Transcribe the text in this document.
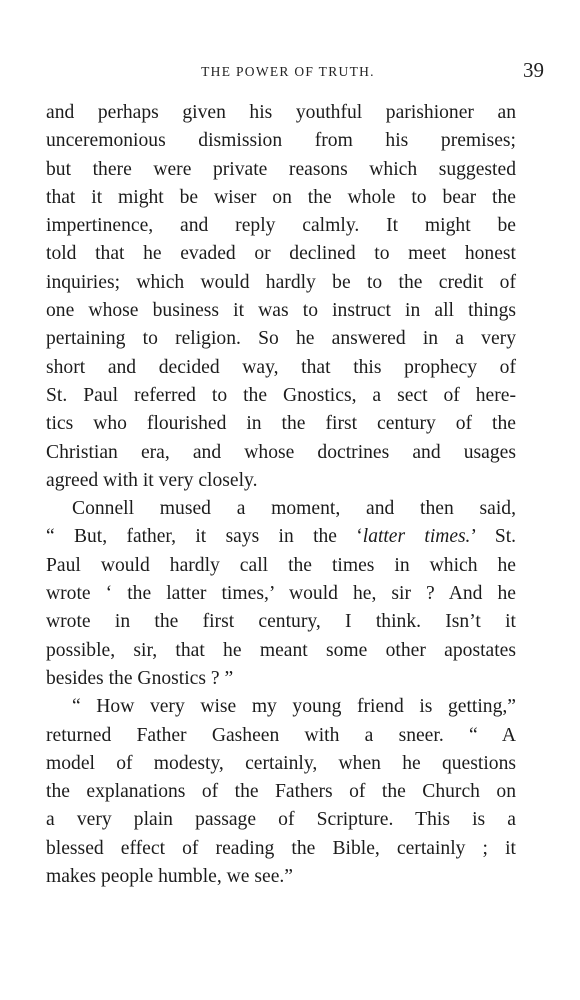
THE POWER OF TRUTH.	39
and perhaps given his youthful parishioner an
unceremonious dismission from his premises;
but there were private reasons which suggested
that it might be wiser on the whole to bear the
impertinence, and reply calmly. It might be
told that he evaded or declined to meet honest
inquiries; which would hardly be to the credit of
one whose business it was to instruct in all things
pertaining to religion. So he answered in a very
short and decided way, that this prophecy of
St. Paul referred to the Gnostics, a sect of here-
tics who flourished in the first century of the
Christian era, and whose doctrines and usages
agreed with it very closely.
Connell mused a moment, and then said,
“ But, father, it says in the ‘latter times.’ St.
Paul would hardly call the times in which he
wrote ‘ the latter times,’ would he, sir ? And he
wrote in the first century, I think. Isn’t it
possible, sir, that he meant some other apostates
besides the Gnostics ? ”
“ How very wise my young friend is getting,”
returned Father Gasheen with a sneer. “ A
model of modesty, certainly, when he questions
the explanations of the Fathers of the Church on
a very plain passage of Scripture. This is a
blessed effect of reading the Bible, certainly ; it
makes people humble, we see.”
